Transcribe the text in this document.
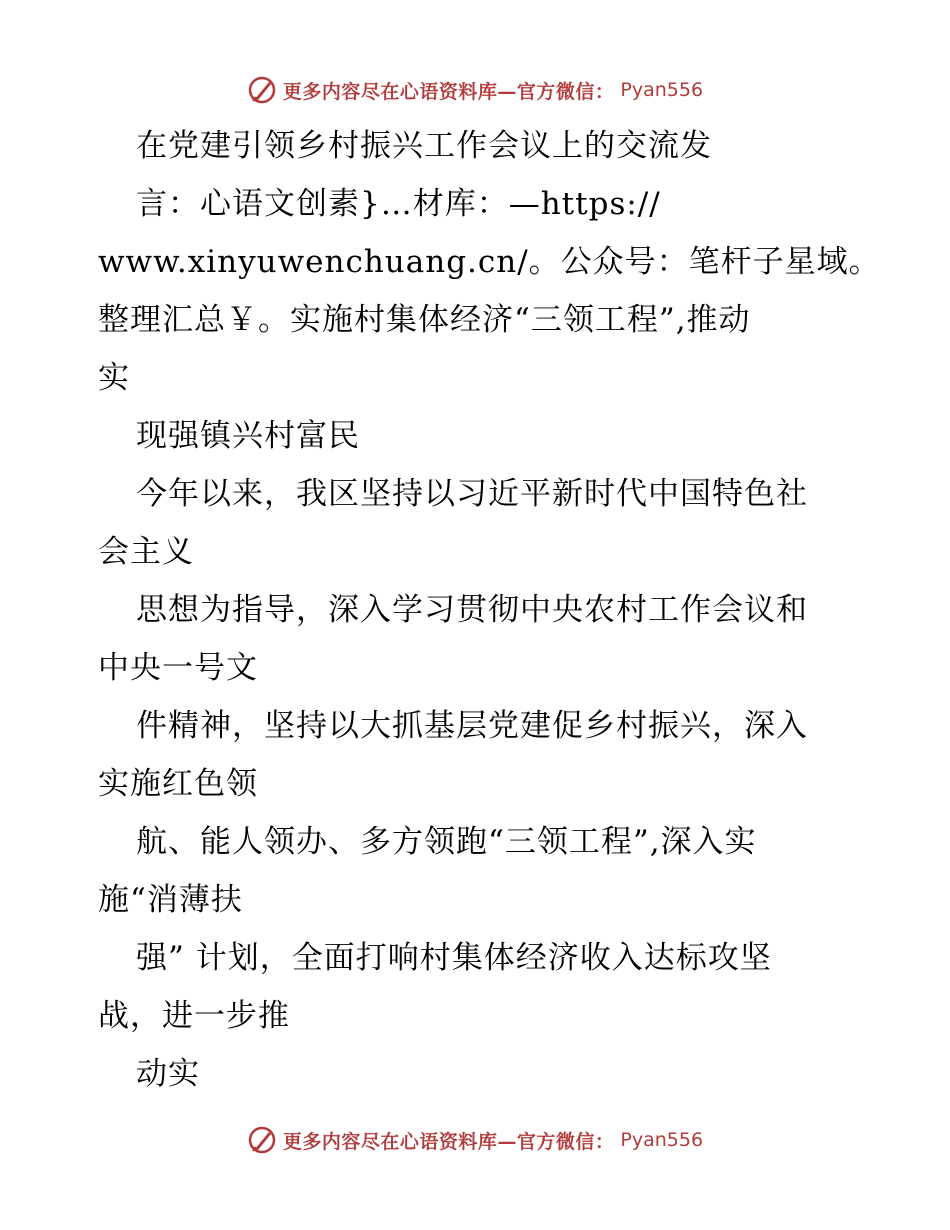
更多内容尽在心语资料库—官方微信： Pyan556
在党建引领乡村振兴工作会议上的交流发
言：心语文创素}…材库：—https://
www.xinyuwenchuang.cn/。公众号：笔杆子星域。
整理汇总￥。实施村集体经济“三领工程”,推动
实
现强镇兴村富民
今年以来，我区坚持以习近平新时代中国特色社
会主义
思想为指导，深入学习贯彻中央农村工作会议和
中央一号文
件精神，坚持以大抓基层党建促乡村振兴，深入
实施红色领
航、能人领办、多方领跑“三领工程”,深入实
施“消薄扶
强” 计划，全面打响村集体经济收入达标攻坚
战，进一步推
动实
更多内容尽在心语资料库—官方微信： Pyan556
